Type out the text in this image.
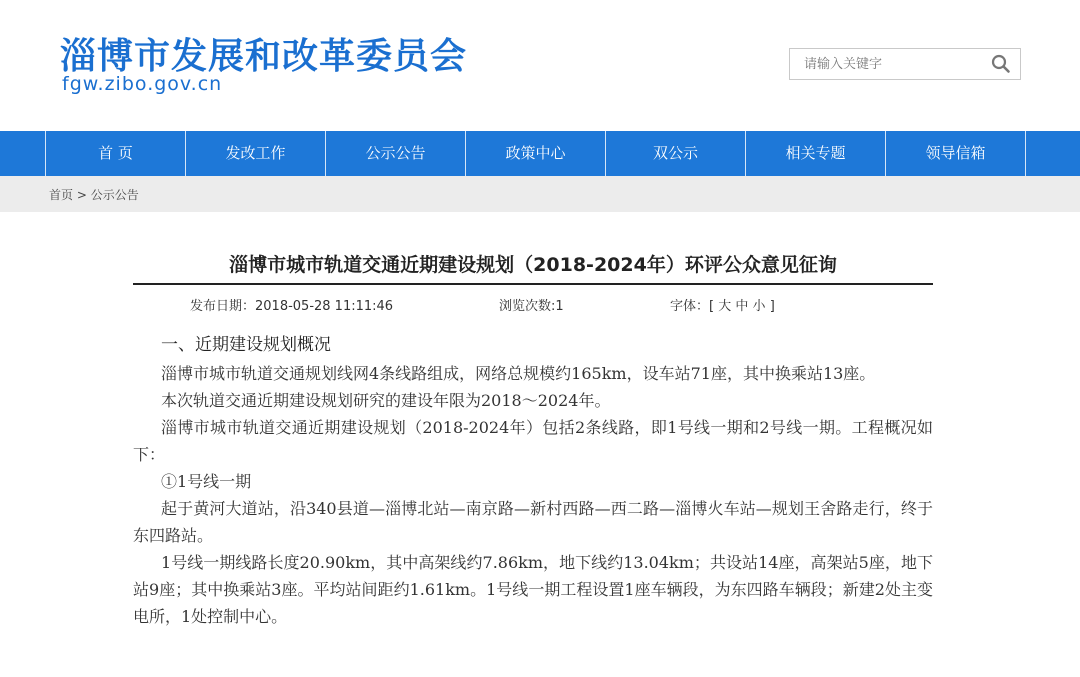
淄博市发展和改革委员会
fgw.zibo.gov.cn
请输入关键字
首 页	发改工作	公示公告	政策中心	双公示	相关专题	领导信箱
首页 > 公示公告
淄博市城市轨道交通近期建设规划（2018-2024年）环评公众意见征询
发布日期：2018-05-28 11:11:46	浏览次数:1	字体：[ 大 中 小 ]
一、近期建设规划概况

淄博市城市轨道交通规划线网4条线路组成，网络总规模约165km，设车站71座，其中换乘站13座。

本次轨道交通近期建设规划研究的建设年限为2018～2024年。

淄博市城市轨道交通近期建设规划（2018-2024年）包括2条线路，即1号线一期和2号线一期。工程概况如下：

①1号线一期

起于黄河大道站，沿340县道—淄博北站—南京路—新村西路—西二路—淄博火车站—规划王舍路走行，终于东四路站。

1号线一期线路长度20.90km，其中高架线约7.86km，地下线约13.04km；共设站14座，高架站5座，地下站9座；其中换乘站3座。平均站间距约1.61km。1号线一期工程设置1座车辆段，为东四路车辆段；新建2处主变电所，1处控制中心。
